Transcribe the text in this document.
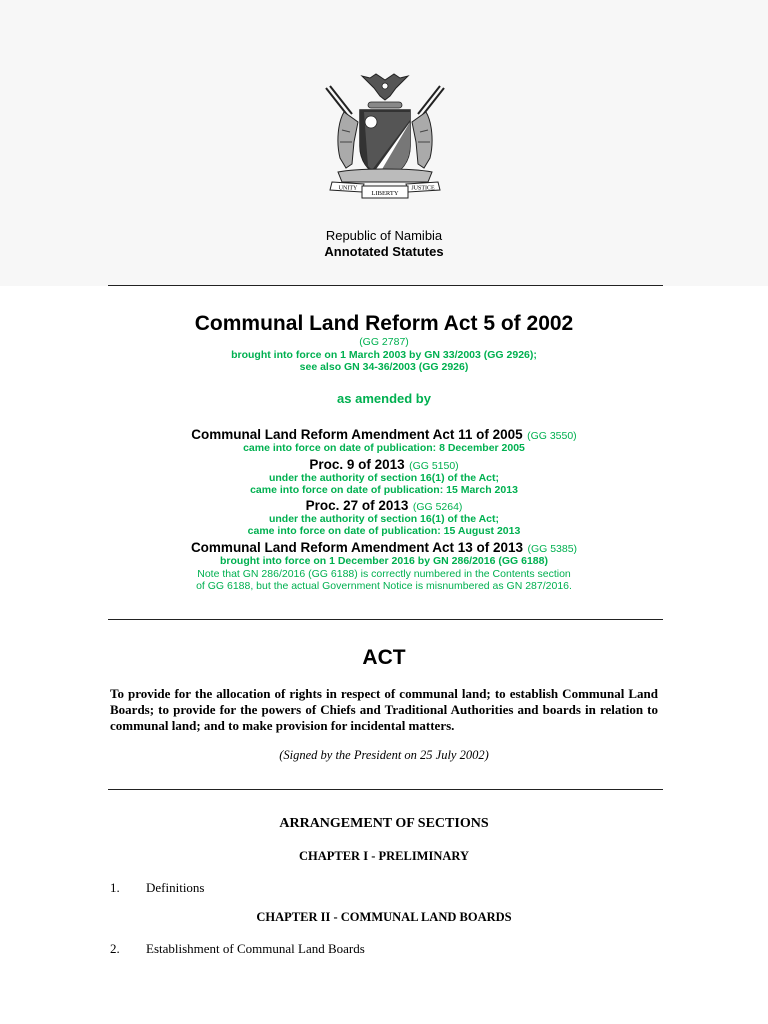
UNITY
LIBERTY
JUSTICE
Republic of Namibia
Annotated Statutes
Communal Land Reform Act 5 of 2002
(GG 2787)
brought into force on 1 March 2003 by GN 33/2003 (GG 2926);
see also GN 34-36/2003 (GG 2926)
as amended by
Communal Land Reform Amendment Act 11 of 2005 (GG 3550)
came into force on date of publication: 8 December 2005
Proc. 9 of 2013 (GG 5150)
under the authority of section 16(1) of the Act;
came into force on date of publication: 15 March 2013
Proc. 27 of 2013 (GG 5264)
under the authority of section 16(1) of the Act;
came into force on date of publication: 15 August 2013
Communal Land Reform Amendment Act 13 of 2013 (GG 5385)
brought into force on 1 December 2016 by GN 286/2016 (GG 6188)
Note that GN 286/2016 (GG 6188) is correctly numbered in the Contents section
of GG 6188, but the actual Government Notice is misnumbered as GN 287/2016.
ACT
To provide for the allocation of rights in respect of communal land; to establish Communal Land Boards; to provide for the powers of Chiefs and Traditional Authorities and boards in relation to communal land; and to make provision for incidental matters.
(Signed by the President on 25 July 2002)
ARRANGEMENT OF SECTIONS
CHAPTER I - PRELIMINARY
1. Definitions
CHAPTER II - COMMUNAL LAND BOARDS
2. Establishment of Communal Land Boards
